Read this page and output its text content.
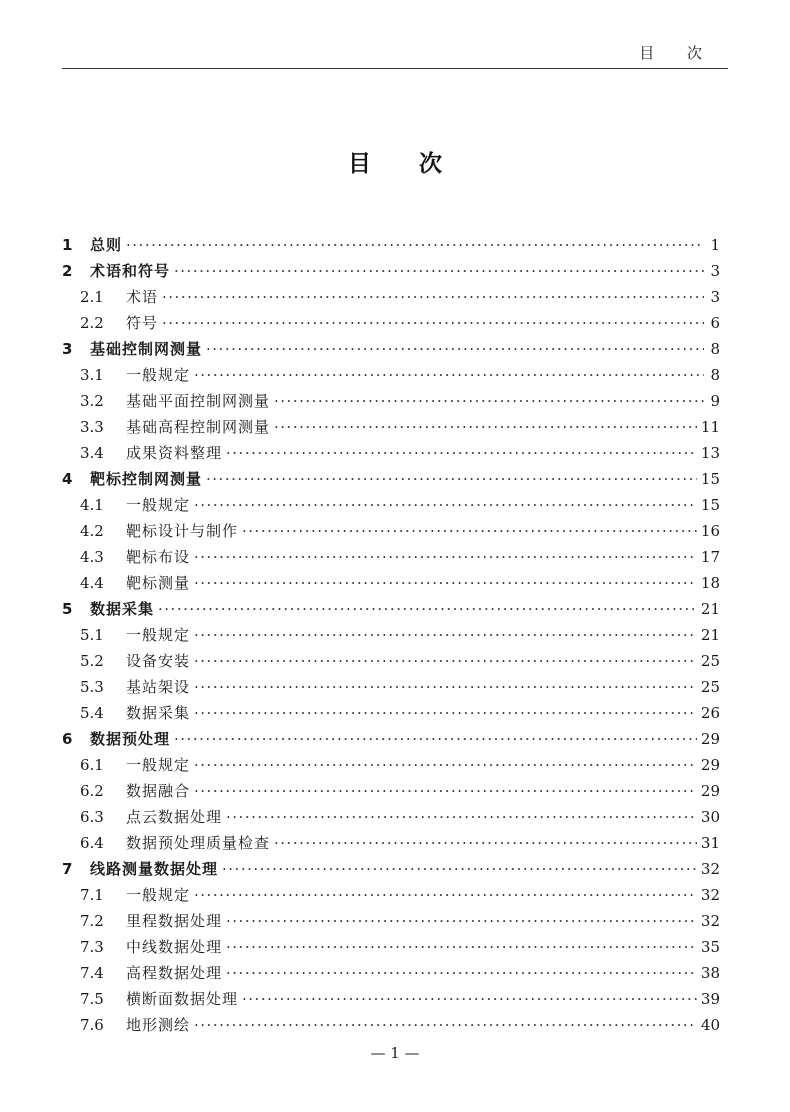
目 次
目次
1	总则 ·····	1
2	术语和符号 ·····	3
2.1	术语 ·····	3
2.2	符号 ·····	6
3	基础控制网测量 ·····	8
3.1	一般规定 ·····	8
3.2	基础平面控制网测量 ·····	9
3.3	基础高程控制网测量 ·····	11
3.4	成果资料整理 ·····	13
4	靶标控制网测量 ·····	15
4.1	一般规定 ·····	15
4.2	靶标设计与制作 ·····	16
4.3	靶标布设 ·····	17
4.4	靶标测量 ·····	18
5	数据采集 ·····	21
5.1	一般规定 ·····	21
5.2	设备安装 ·····	25
5.3	基站架设 ·····	25
5.4	数据采集 ·····	26
6	数据预处理 ·····	29
6.1	一般规定 ·····	29
6.2	数据融合 ·····	29
6.3	点云数据处理 ·····	30
6.4	数据预处理质量检查 ·····	31
7	线路测量数据处理 ·····	32
7.1	一般规定 ·····	32
7.2	里程数据处理 ·····	32
7.3	中线数据处理 ·····	35
7.4	高程数据处理 ·····	38
7.5	横断面数据处理 ·····	39
7.6	地形测绘 ·····	40
— 1 —
